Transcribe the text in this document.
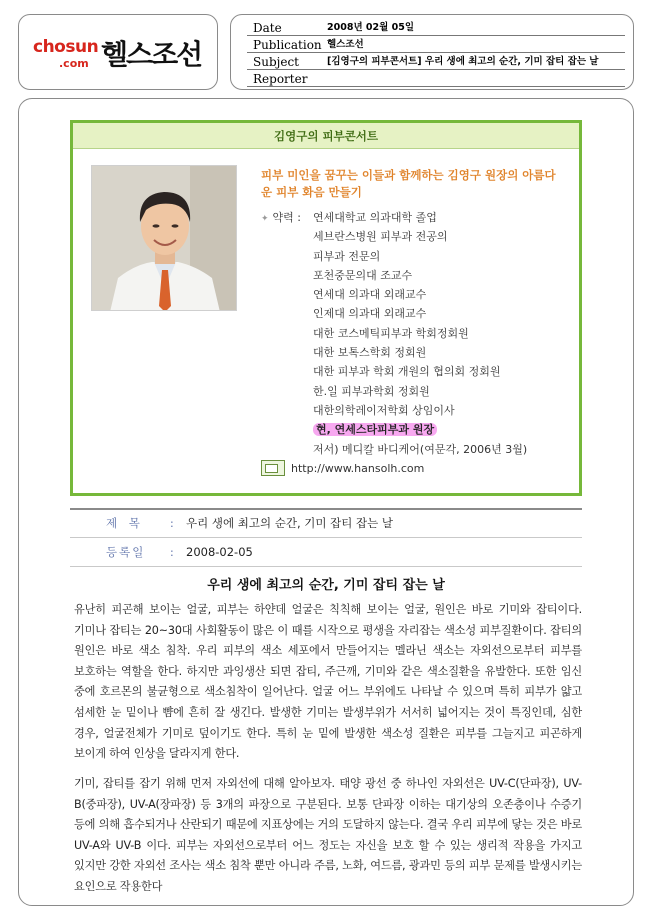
chosun
.com 헬스조선
Date	2008년 02월 05일
Publication 헬스조선
Subject	[김영구의 피부콘서트] 우리 생에 최고의 순간, 기미 잡티 잡는 날
Reporter
김영구의 피부콘서트
피부 미인을 꿈꾸는 이들과 함께하는 김영구 원장의 아름다운 피부 화음 만들기
✦ 약력 : 연세대학교 의과대학 졸업
세브란스병원 피부과 전공의
피부과 전문의
포천중문의대 조교수
연세대 의과대 외래교수
인제대 의과대 외래교수
대한 코스메틱피부과 학회정회원
대한 보톡스학회 정회원
대한 피부과 학회 개원의 협의회 정회원
한.일 피부과학회 정회원
대한의학레이저학회 상임이사
현, 연세스타피부과 원장
저서) 메디칼 바디케어(여문각, 2006년 3월)
http://www.hansolh.com
제 목	:	우리 생에 최고의 순간, 기미 잡티 잡는 날
등록일	:	2008-02-05
우리 생에 최고의 순간, 기미 잡티 잡는 날

유난히 피곤해 보이는 얼굴, 피부는 하얀데 얼굴은 칙칙해 보이는 얼굴, 원인은 바로 기미와 잡티이다. 기미나 잡티는 20~30대 사회활동이 많은 이 때를 시작으로 평생을 자리잡는 색소성 피부질환이다. 잡티의 원인은 바로 색소 침착. 우리 피부의 색소 세포에서 만들어지는 멜라닌 색소는 자외선으로부터 피부를 보호하는 역할을 한다. 하지만 과잉생산 되면 잡티, 주근깨, 기미와 같은 색소질환을 유발한다. 또한 임신 중에 호르몬의 불균형으로 색소침착이 일어난다. 얼굴 어느 부위에도 나타날 수 있으며 특히 피부가 얇고 섬세한 눈 밑이나 뺨에 흔히 잘 생긴다. 발생한 기미는 발생부위가 서서히 넓어지는 것이 특징인데, 심한 경우, 얼굴전체가 기미로 덮이기도 한다. 특히 눈 밑에 발생한 색소성 질환은 피부를 그늘지고 피곤하게 보이게 하여 인상을 달라지게 한다.

기미, 잡티를 잡기 위해 먼저 자외선에 대해 알아보자. 태양 광선 중 하나인 자외선은 UV-C(단파장), UV-B(중파장), UV-A(장파장) 등 3개의 파장으로 구분된다. 보통 단파장 이하는 대기상의 오존층이나 수증기 등에 의해 흡수되거나 산란되기 때문에 지표상에는 거의 도달하지 않는다. 결국 우리 피부에 닿는 것은 바로 UV-A와 UV-B 이다. 피부는 자외선으로부터 어느 정도는 자신을 보호 할 수 있는 생리적 작용을 가지고 있지만 강한 자외선 조사는 색소 침착 뿐만 아니라 주름, 노화, 여드름, 광과민 등의 피부 문제를 발생시키는 요인으로 작용한다
